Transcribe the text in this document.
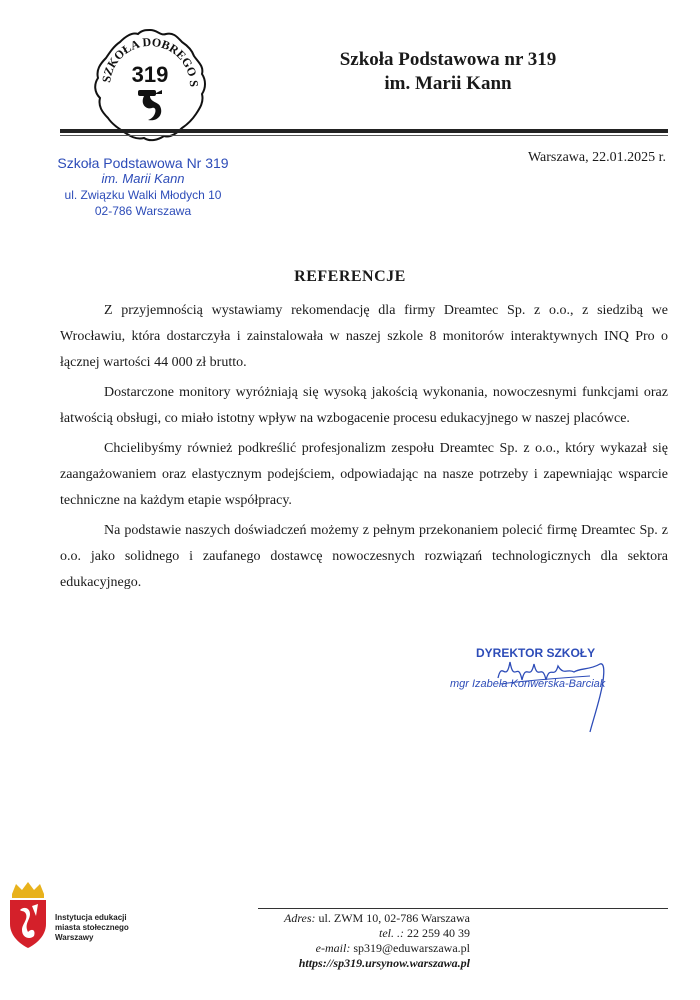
SZKOŁA DOBREGO S
319
Szkoła Podstawowa nr 319
im. Marii Kann
Szkoła Podstawowa Nr 319
im. Marii Kann
ul. Związku Walki Młodych 10
02-786 Warszawa
Warszawa, 22.01.2025 r.
REFERENCJE

Z przyjemnością wystawiamy rekomendację dla firmy Dreamtec Sp. z o.o., z siedzibą we Wrocławiu, która dostarczyła i zainstalowała w naszej szkole 8 monitorów interaktywnych INQ Pro o łącznej wartości 44 000 zł brutto.

Dostarczone monitory wyróżniają się wysoką jakością wykonania, nowoczesnymi funkcjami oraz łatwością obsługi, co miało istotny wpływ na wzbogacenie procesu edukacyjnego w naszej placówce.

Chcielibyśmy również podkreślić profesjonalizm zespołu Dreamtec Sp. z o.o., który wykazał się zaangażowaniem oraz elastycznym podejściem, odpowiadając na nasze potrzeby i zapewniając wsparcie techniczne na każdym etapie współpracy.

Na podstawie naszych doświadczeń możemy z pełnym przekonaniem polecić firmę Dreamtec Sp. z o.o. jako solidnego i zaufanego dostawcę nowoczesnych rozwiązań technologicznych dla sektora edukacyjnego.

DYREKTOR SZKOŁY
mgr Izabela Konwerska-Barciak
Instytucja edukacji
miasta stołecznego
Warszawy
Adres: ul. ZWM 10, 02-786 Warszawa
tel. .: 22 259 40 39
e-mail: sp319@eduwarszawa.pl
https://sp319.ursynow.warszawa.pl
